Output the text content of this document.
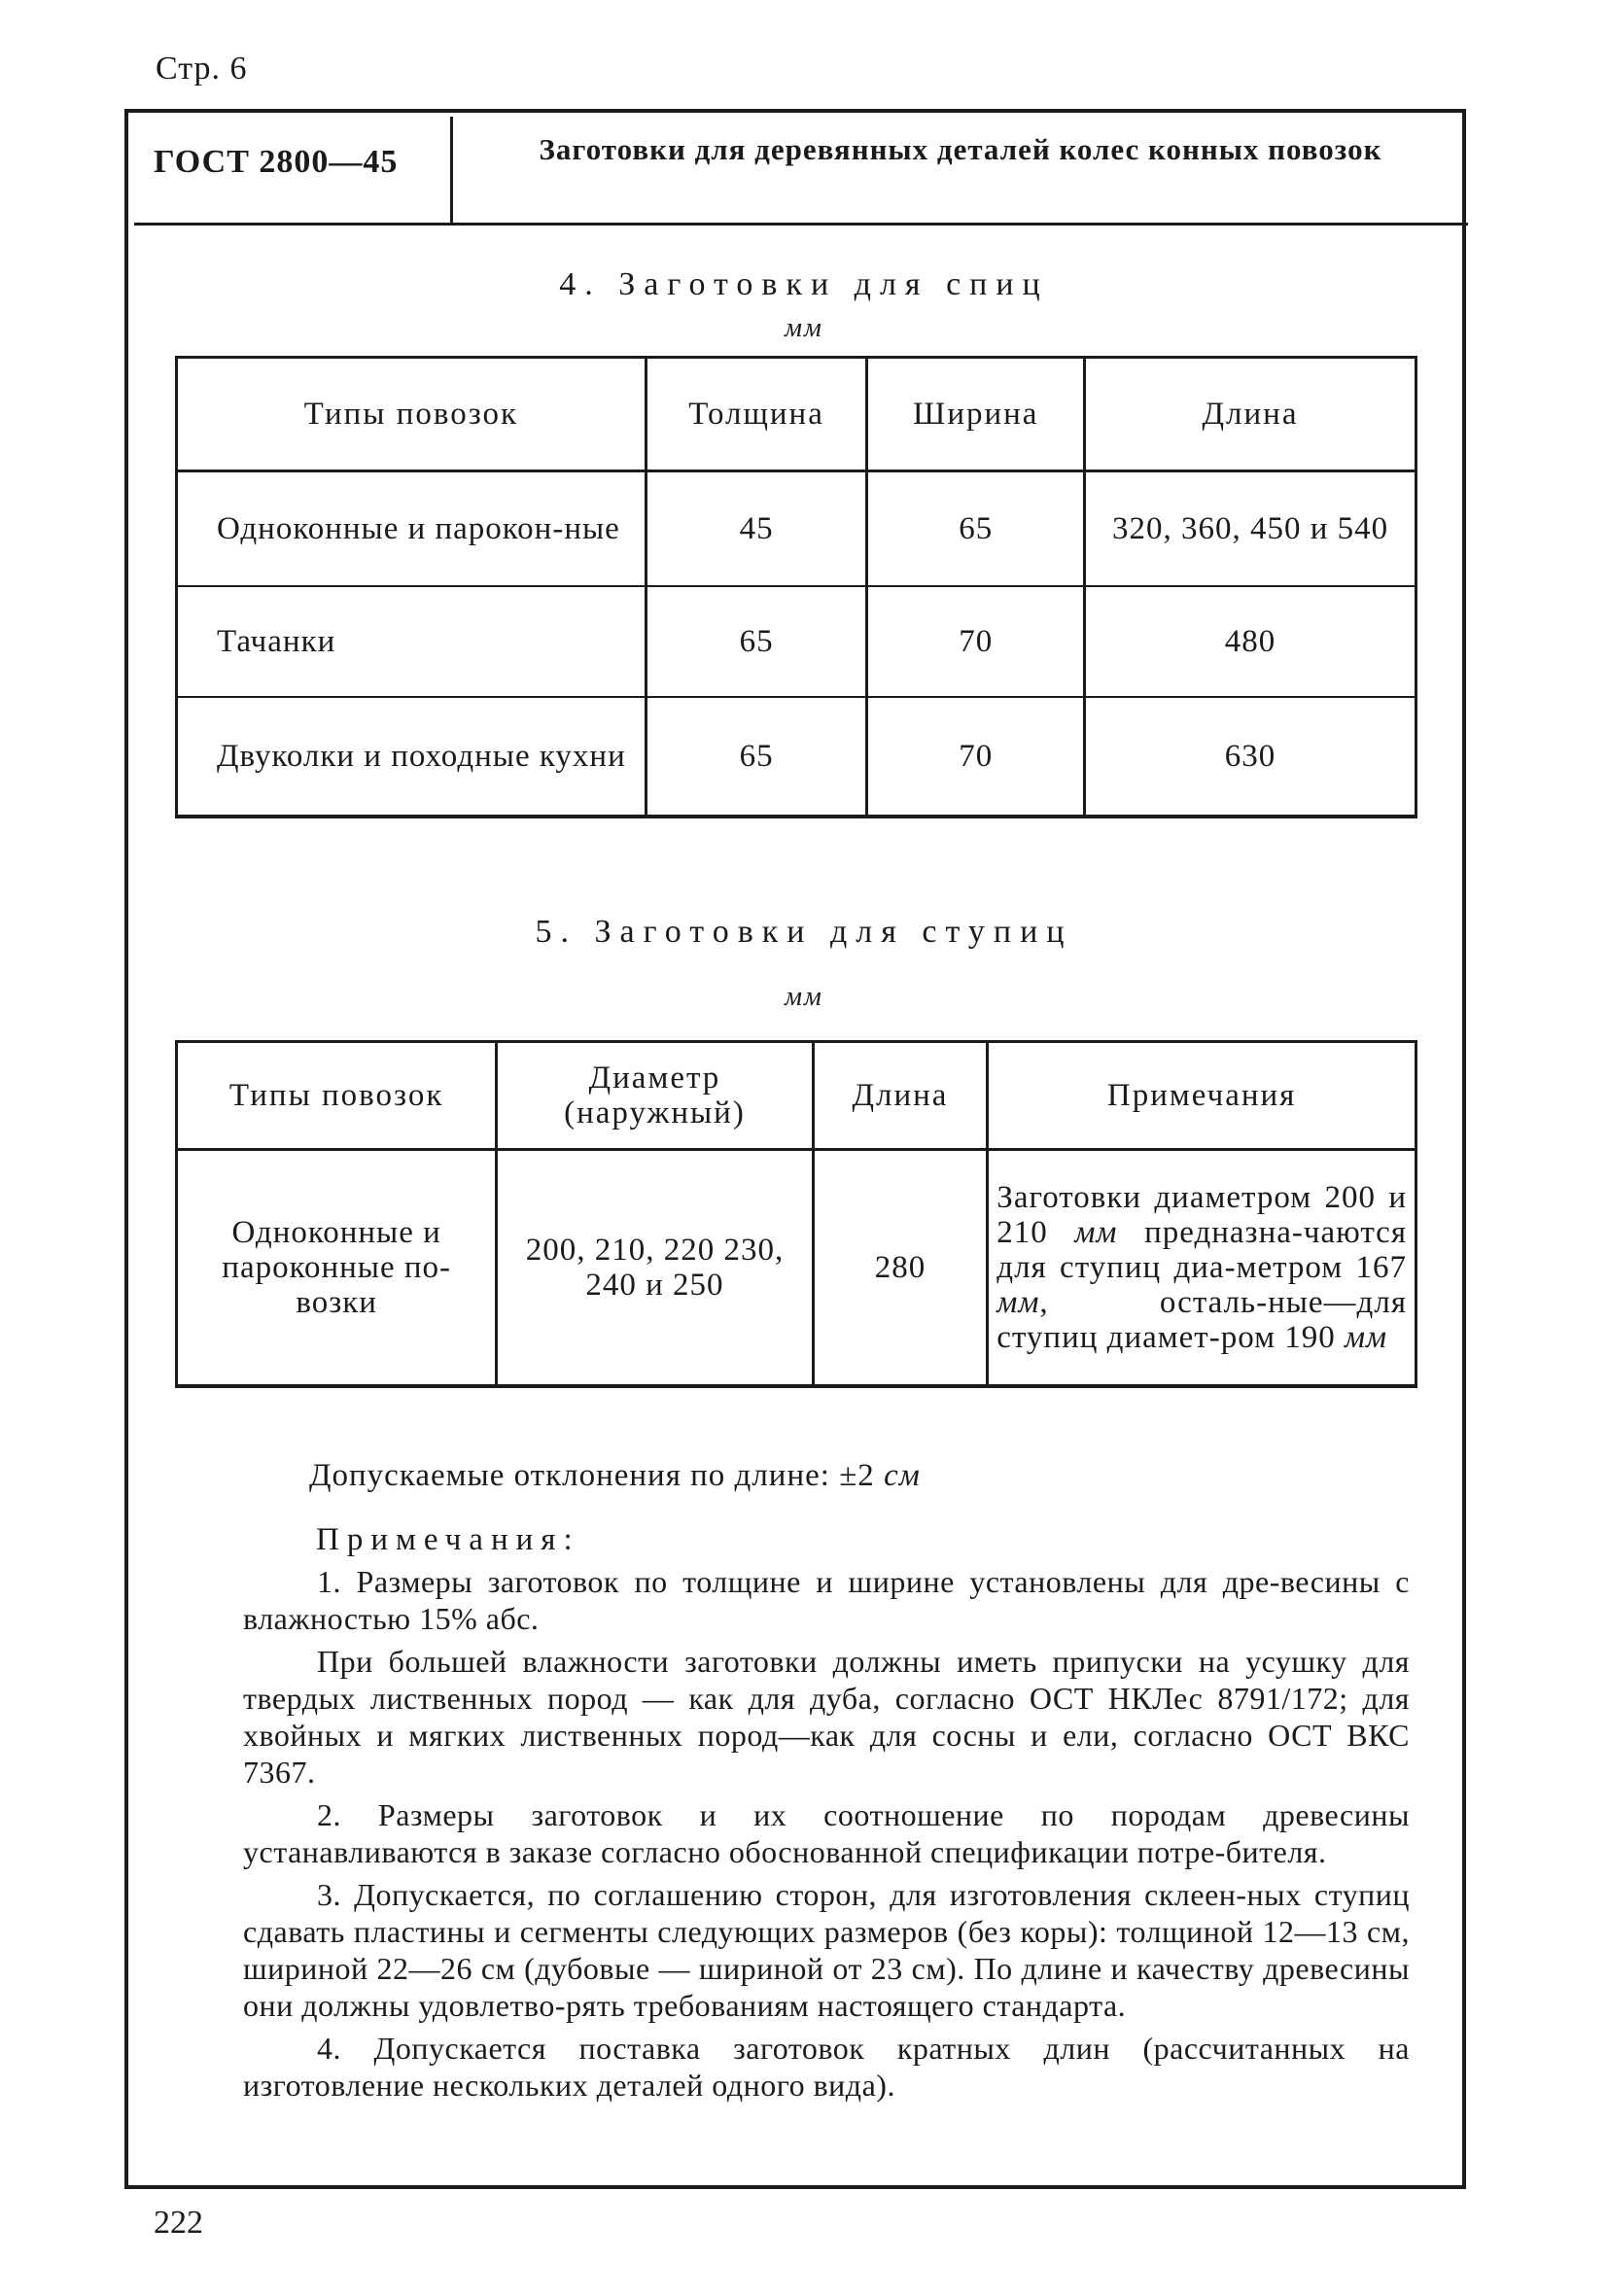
Стр. 6
ГОСТ 2800—45	Заготовки для деревянных деталей колес конных повозок
4. Заготовки для спиц
мм
Типы повозок	Толщина	Ширина	Длина
Одноконные и парокон-ные	45	65	320, 360, 450 и 540
Тачанки	65	70	480
Двуколки и походные кухни	65	70	630
5. Заготовки для ступиц
мм
Типы повозок	Диаметр (наружный)	Длина	Примечания
Одноконные и пароконные по-возки	200, 210, 220 230, 240 и 250	280	Заготовки диаметром 200 и 210 мм предназна-чаются для ступиц диа-метром 167 мм, осталь-ные—для ступиц диамет-ром 190 мм
Допускаемые отклонения по длине: ±2 см
Примечания:

1. Размеры заготовок по толщине и ширине установлены для дре-весины с влажностью 15% абс.

При большей влажности заготовки должны иметь припуски на усушку для твердых лиственных пород — как для дуба, согласно ОСТ НКЛес 8791/172; для хвойных и мягких лиственных пород—как для сосны и ели, согласно ОСТ ВКС 7367.

2. Размеры заготовок и их соотношение по породам древесины устанавливаются в заказе согласно обоснованной спецификации потре-бителя.

3. Допускается, по соглашению сторон, для изготовления склеен-ных ступиц сдавать пластины и сегменты следующих размеров (без коры): толщиной 12—13 см, шириной 22—26 см (дубовые — шириной от 23 см). По длине и качеству древесины они должны удовлетво-рять требованиям настоящего стандарта.

4. Допускается поставка заготовок кратных длин (рассчитанных на изготовление нескольких деталей одного вида).

222
